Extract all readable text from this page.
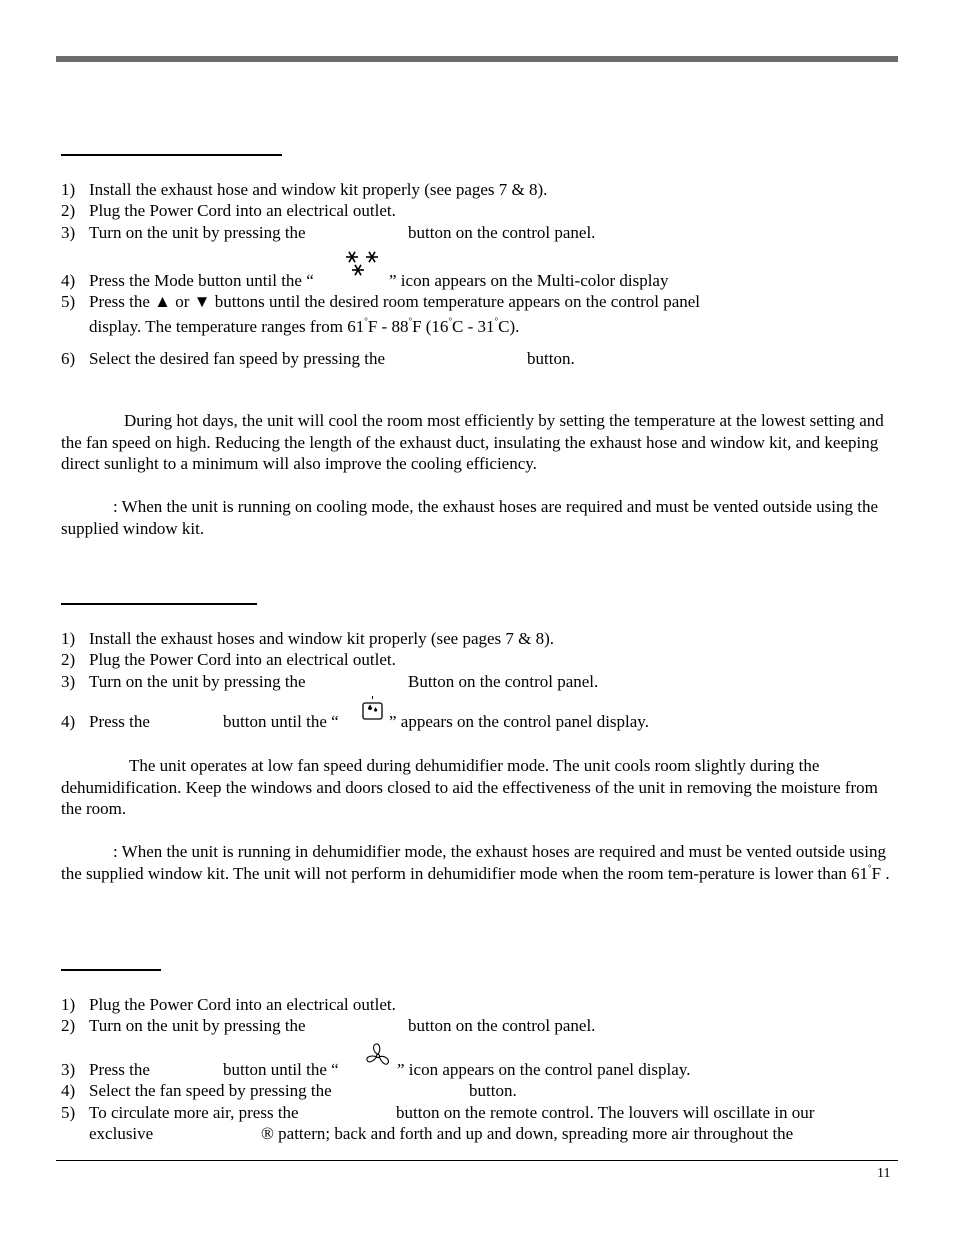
1) Install the exhaust hose and window kit properly (see pages 7 & 8).
2) Plug the Power Cord into an electrical outlet.
3) Turn on the unit by pressing the	button on the control panel.
4) Press the Mode button until the “	” icon appears on the Multi-color display
5) Press the ▲ or ▼ buttons until the desired room temperature appears on the control panel
display. The temperature ranges from 61°F - 88°F (16°C - 31°C).
6) Select the desired fan speed by pressing the	button.
During hot days, the unit will cool the room most efficiently by setting the temperature at the lowest setting and the fan speed on high. Reducing the length of the exhaust duct, insulating the exhaust hose and window kit, and keeping direct sunlight to a minimum will also improve the cooling efficiency.
: When the unit is running on cooling mode, the exhaust hoses are required and must be vented outside using the supplied window kit.
1) Install the exhaust hoses and window kit properly (see pages 7 & 8).
2) Plug the Power Cord into an electrical outlet.
3) Turn on the unit by pressing the	Button on the control panel.
4) Press the	button until the “	” appears on the control panel display.
The unit operates at low fan speed during dehumidifier mode. The unit cools room slightly during the dehumidification. Keep the windows and doors closed to aid the effectiveness of the unit in removing the moisture from the room.
: When the unit is running in dehumidifier mode, the exhaust hoses are required and must be vented outside using the supplied window kit. The unit will not perform in dehumidifier mode when the room tem-perature is lower than 61°F .
1) Plug the Power Cord into an electrical outlet.
2) Turn on the unit by pressing the	button on the control panel.
3) Press the	button until the “	” icon appears on the control panel display.
4) Select the fan speed by pressing the	button.
5) To circulate more air, press the	button on the remote control. The louvers will oscillate in our
exclusive	® pattern; back and forth and up and down, spreading more air throughout the
11
